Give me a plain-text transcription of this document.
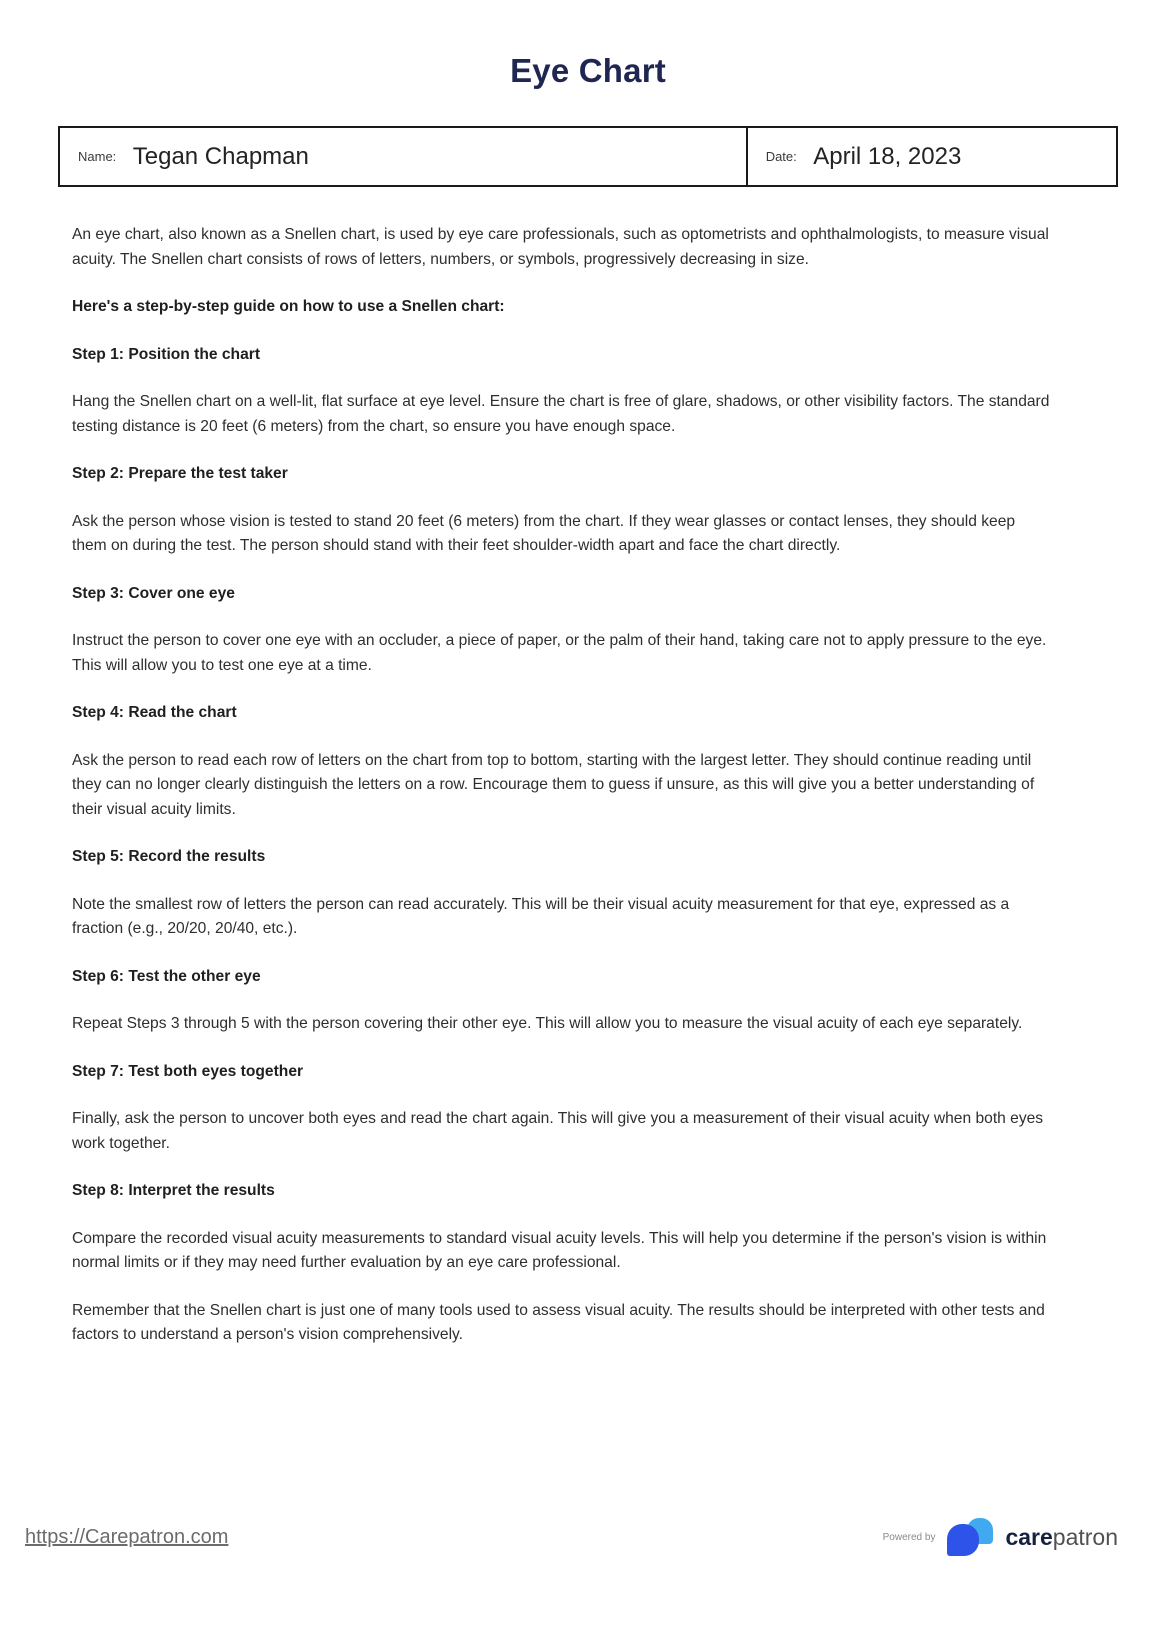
Eye Chart
Name: Tegan Chapman	Date: April 18, 2023

An eye chart, also known as a Snellen chart, is used by eye care professionals, such as optometrists and ophthalmologists, to measure visual acuity. The Snellen chart consists of rows of letters, numbers, or symbols, progressively decreasing in size.

Here's a step-by-step guide on how to use a Snellen chart:
Step 1: Position the chart

Hang the Snellen chart on a well-lit, flat surface at eye level. Ensure the chart is free of glare, shadows, or other visibility factors. The standard testing distance is 20 feet (6 meters) from the chart, so ensure you have enough space.

Step 2: Prepare the test taker

Ask the person whose vision is tested to stand 20 feet (6 meters) from the chart. If they wear glasses or contact lenses, they should keep them on during the test. The person should stand with their feet shoulder-width apart and face the chart directly.

Step 3: Cover one eye

Instruct the person to cover one eye with an occluder, a piece of paper, or the palm of their hand, taking care not to apply pressure to the eye. This will allow you to test one eye at a time.

Step 4: Read the chart

Ask the person to read each row of letters on the chart from top to bottom, starting with the largest letter. They should continue reading until they can no longer clearly distinguish the letters on a row. Encourage them to guess if unsure, as this will give you a better understanding of their visual acuity limits.

Step 5: Record the results

Note the smallest row of letters the person can read accurately. This will be their visual acuity measurement for that eye, expressed as a fraction (e.g., 20/20, 20/40, etc.).

Step 6: Test the other eye

Repeat Steps 3 through 5 with the person covering their other eye. This will allow you to measure the visual acuity of each eye separately.

Step 7: Test both eyes together

Finally, ask the person to uncover both eyes and read the chart again. This will give you a measurement of their visual acuity when both eyes work together.

Step 8: Interpret the results

Compare the recorded visual acuity measurements to standard visual acuity levels. This will help you determine if the person's vision is within normal limits or if they may need further evaluation by an eye care professional.

Remember that the Snellen chart is just one of many tools used to assess visual acuity. The results should be interpreted with other tests and factors to understand a person's vision comprehensively.

https://Carepatron.com	Powered by	carepatron
